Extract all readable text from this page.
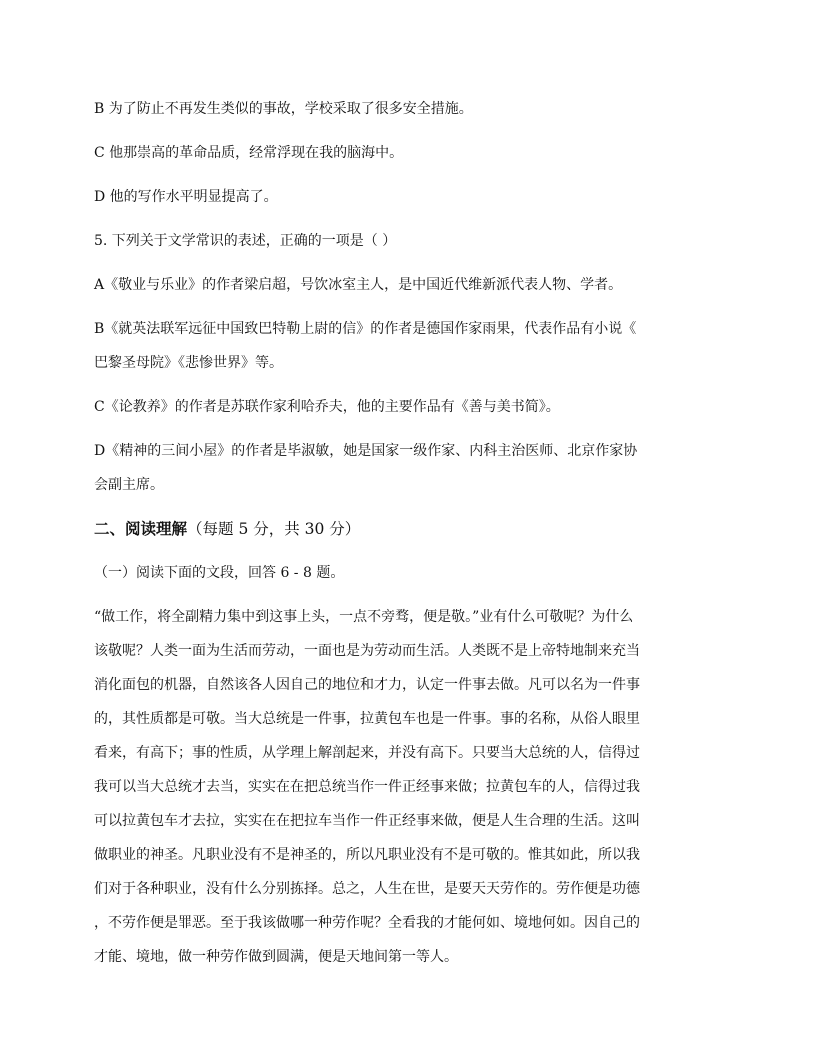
B 为了防止不再发生类似的事故，学校采取了很多安全措施。
C 他那崇高的革命品质，经常浮现在我的脑海中。
D 他的写作水平明显提高了。
5. 下列关于文学常识的表述，正确的一项是（ ）
A《敬业与乐业》的作者梁启超，号饮冰室主人，是中国近代维新派代表人物、学者。
B《就英法联军远征中国致巴特勒上尉的信》的作者是德国作家雨果，代表作品有小说《
巴黎圣母院》《悲惨世界》等。
C《论教养》的作者是苏联作家利哈乔夫，他的主要作品有《善与美书简》。
D《精神的三间小屋》的作者是毕淑敏，她是国家一级作家、内科主治医师、北京作家协
会副主席。
二、阅读理解（每题 5 分，共 30 分）
（一）阅读下面的文段，回答 6 - 8 题。
“做工作，将全副精力集中到这事上头，一点不旁骛，便是敬。”业有什么可敬呢？为什么
该敬呢？人类一面为生活而劳动，一面也是为劳动而生活。人类既不是上帝特地制来充当
消化面包的机器，自然该各人因自己的地位和才力，认定一件事去做。凡可以名为一件事
的，其性质都是可敬。当大总统是一件事，拉黄包车也是一件事。事的名称，从俗人眼里
看来，有高下；事的性质，从学理上解剖起来，并没有高下。只要当大总统的人，信得过
我可以当大总统才去当，实实在在把总统当作一件正经事来做；拉黄包车的人，信得过我
可以拉黄包车才去拉，实实在在把拉车当作一件正经事来做，便是人生合理的生活。这叫
做职业的神圣。凡职业没有不是神圣的，所以凡职业没有不是可敬的。惟其如此，所以我
们对于各种职业，没有什么分别拣择。总之，人生在世，是要天天劳作的。劳作便是功德
，不劳作便是罪恶。至于我该做哪一种劳作呢？全看我的才能何如、境地何如。因自己的
才能、境地，做一种劳作做到圆满，便是天地间第一等人。
